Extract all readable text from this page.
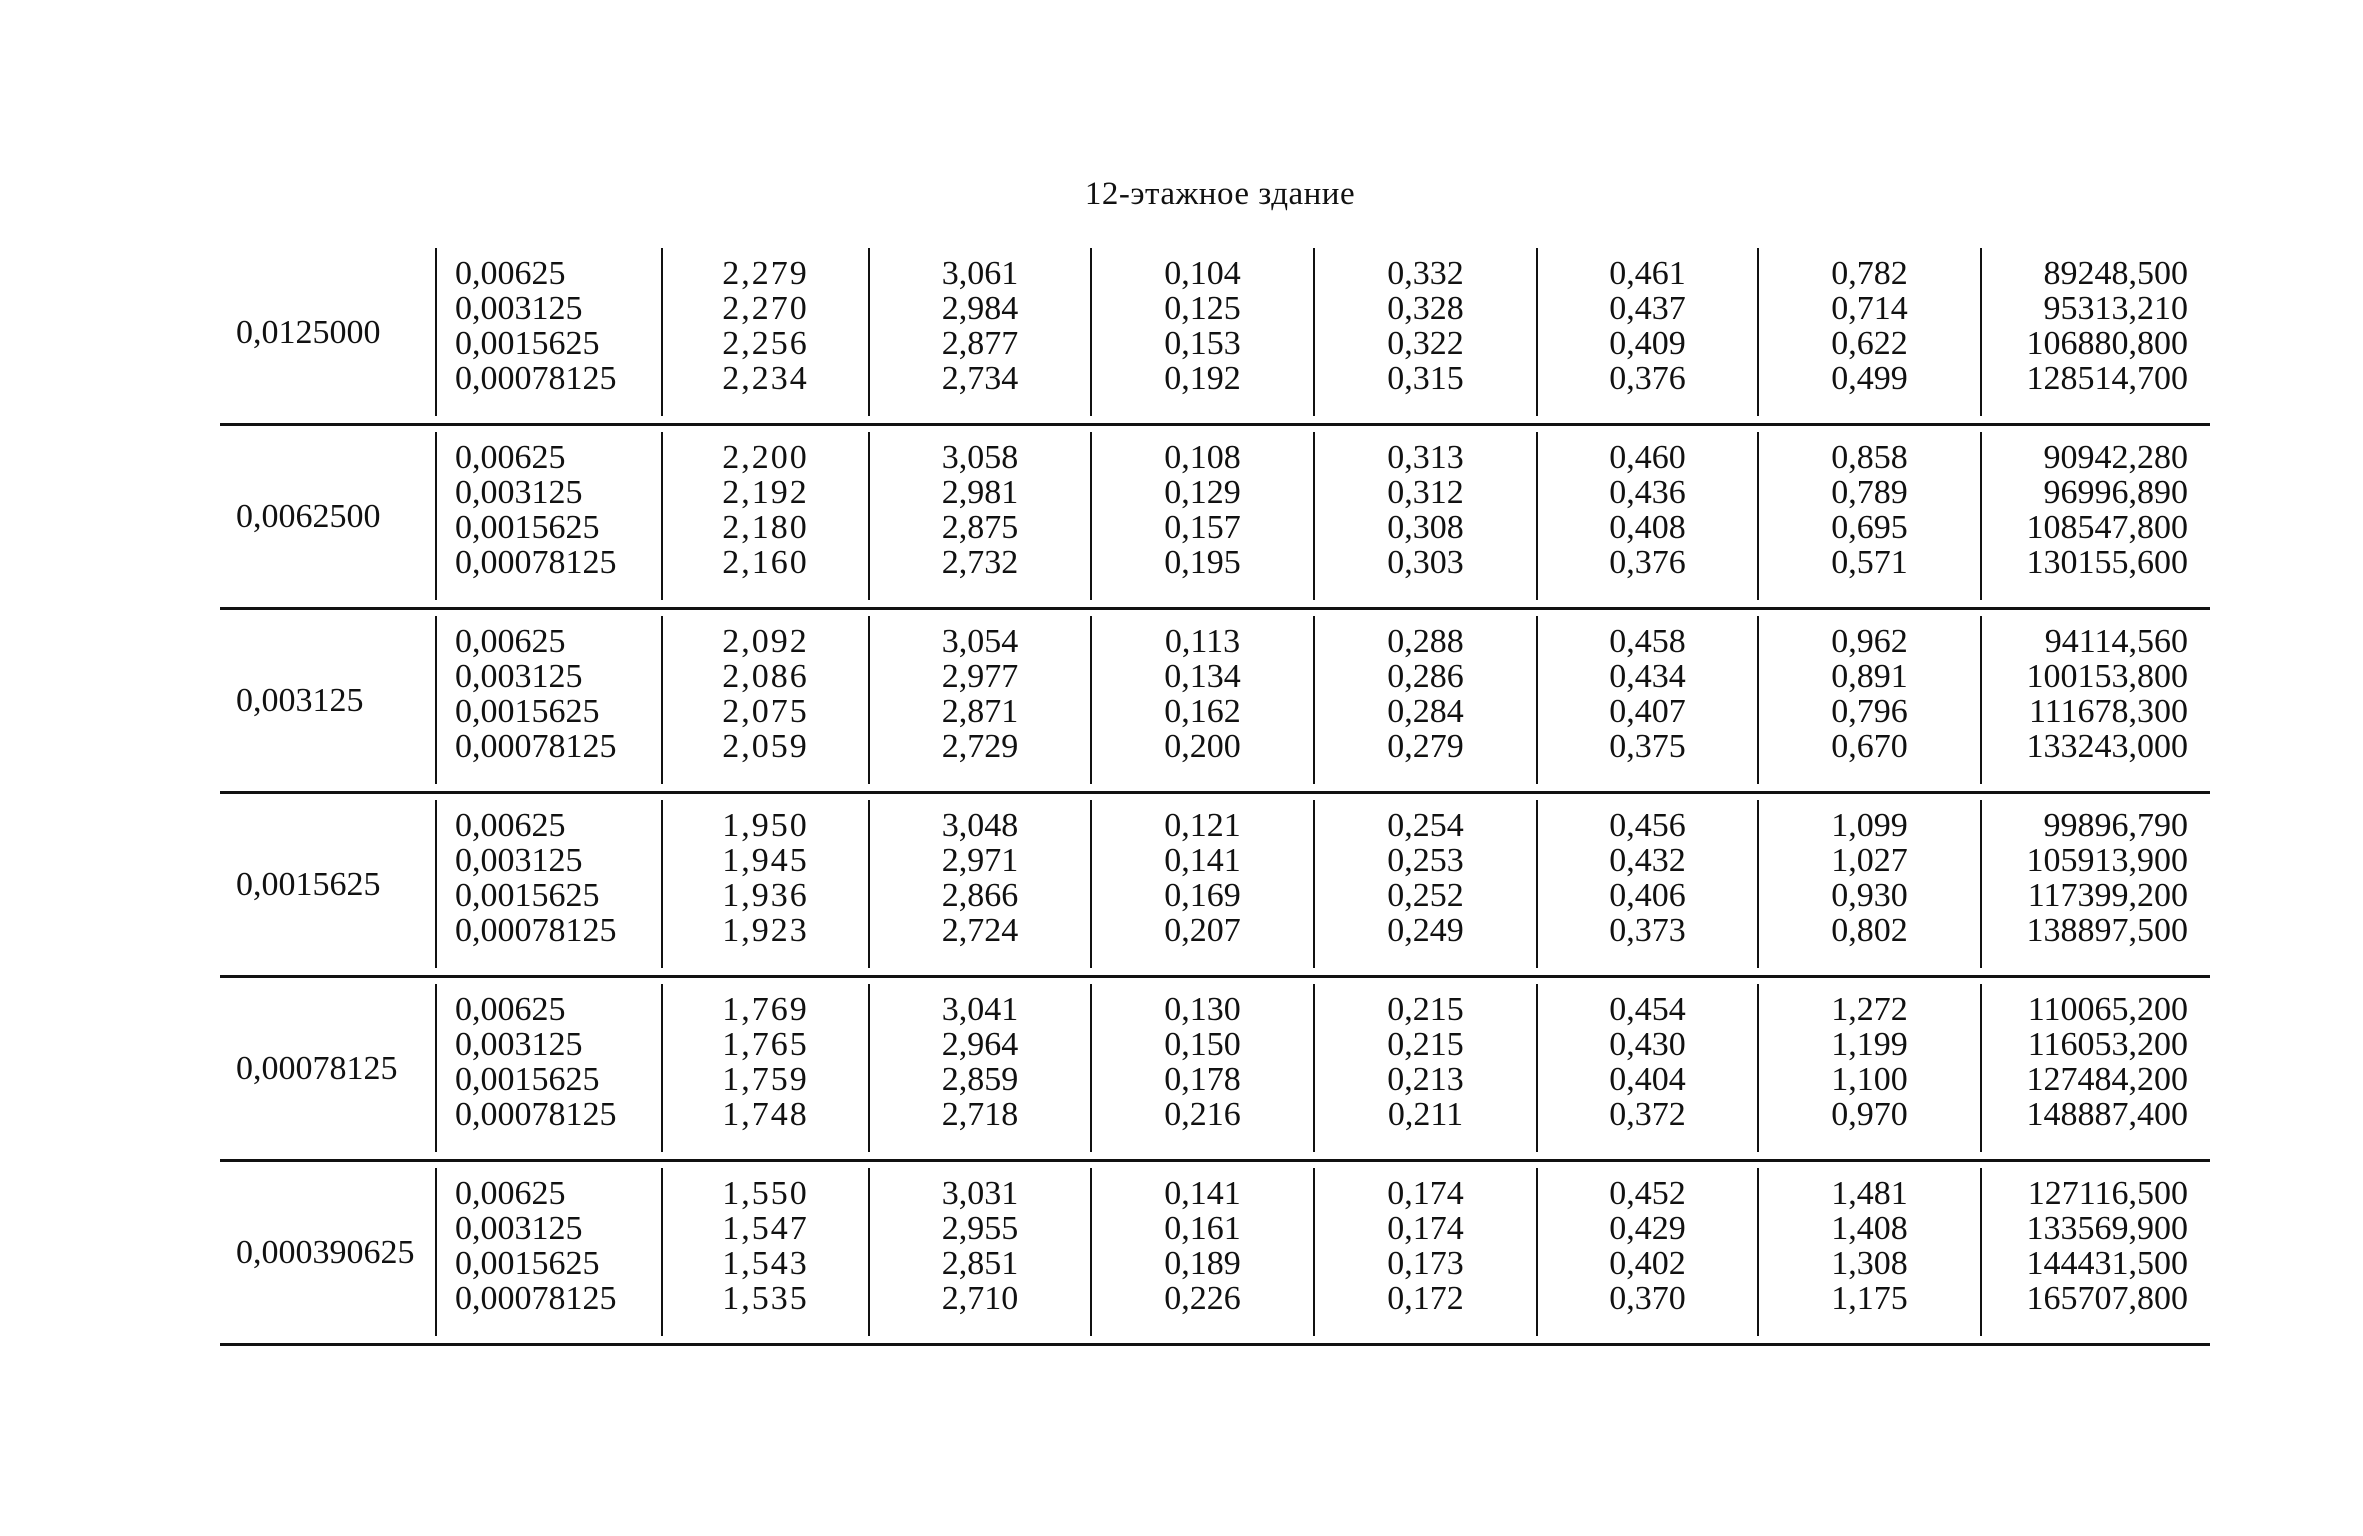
12-этажное здание
0,0125000
0,00625
0,003125
0,0015625
0,00078125
2,279
2,270
2,256
2,234
3,061
2,984
2,877
2,734
0,104
0,125
0,153
0,192
0,332
0,328
0,322
0,315
0,461
0,437
0,409
0,376
0,782
0,714
0,622
0,499
89248,500
95313,210
106880,800
128514,700
0,0062500
0,00625
0,003125
0,0015625
0,00078125
2,200
2,192
2,180
2,160
3,058
2,981
2,875
2,732
0,108
0,129
0,157
0,195
0,313
0,312
0,308
0,303
0,460
0,436
0,408
0,376
0,858
0,789
0,695
0,571
90942,280
96996,890
108547,800
130155,600
0,003125
0,00625
0,003125
0,0015625
0,00078125
2,092
2,086
2,075
2,059
3,054
2,977
2,871
2,729
0,113
0,134
0,162
0,200
0,288
0,286
0,284
0,279
0,458
0,434
0,407
0,375
0,962
0,891
0,796
0,670
94114,560
100153,800
111678,300
133243,000
0,0015625
0,00625
0,003125
0,0015625
0,00078125
1,950
1,945
1,936
1,923
3,048
2,971
2,866
2,724
0,121
0,141
0,169
0,207
0,254
0,253
0,252
0,249
0,456
0,432
0,406
0,373
1,099
1,027
0,930
0,802
99896,790
105913,900
117399,200
138897,500
0,00078125
0,00625
0,003125
0,0015625
0,00078125
1,769
1,765
1,759
1,748
3,041
2,964
2,859
2,718
0,130
0,150
0,178
0,216
0,215
0,215
0,213
0,211
0,454
0,430
0,404
0,372
1,272
1,199
1,100
0,970
110065,200
116053,200
127484,200
148887,400
0,000390625
0,00625
0,003125
0,0015625
0,00078125
1,550
1,547
1,543
1,535
3,031
2,955
2,851
2,710
0,141
0,161
0,189
0,226
0,174
0,174
0,173
0,172
0,452
0,429
0,402
0,370
1,481
1,408
1,308
1,175
127116,500
133569,900
144431,500
165707,800
